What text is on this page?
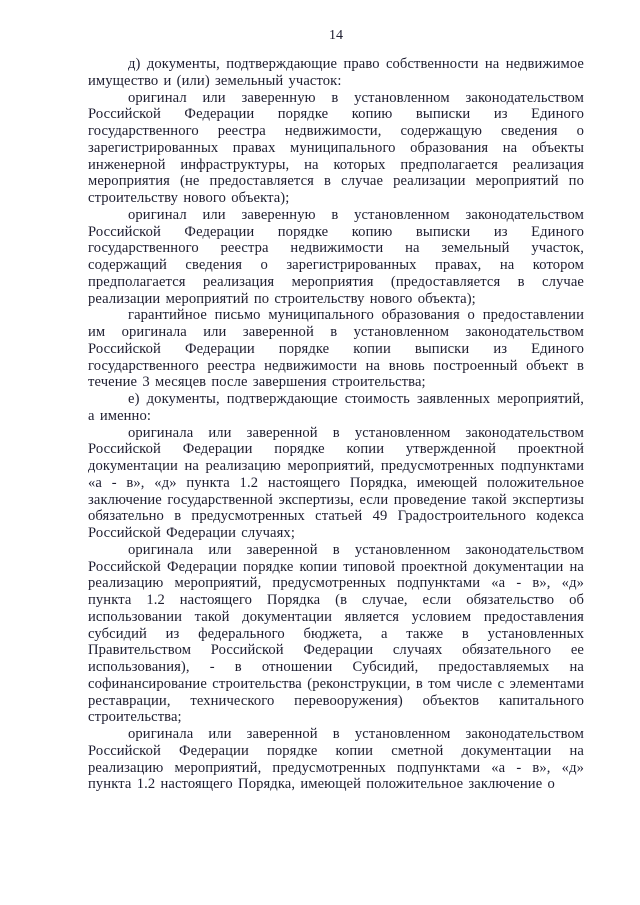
14

д) документы, подтверждающие право собственности на недвижимое имущество и (или) земельный участок:

оригинал или заверенную в установленном законодательством Российской Федерации порядке копию выписки из Единого государственного реестра недвижимости, содержащую сведения о зарегистрированных правах муниципального образования на объекты инженерной инфраструктуры, на которых предполагается реализация мероприятия (не предоставляется в случае реализации мероприятий по строительству нового объекта);

оригинал или заверенную в установленном законодательством Российской Федерации порядке копию выписки из Единого государственного реестра недвижимости на земельный участок, содержащий сведения о зарегистрированных правах, на котором предполагается реализация мероприятия (предоставляется в случае реализации мероприятий по строительству нового объекта);

гарантийное письмо муниципального образования о предоставлении им оригинала или заверенной в установленном законодательством Российской Федерации порядке копии выписки из Единого государственного реестра недвижимости на вновь построенный объект в течение 3 месяцев после завершения строительства;

е) документы, подтверждающие стоимость заявленных мероприятий, а именно:

оригинала или заверенной в установленном законодательством Российской Федерации порядке копии утвержденной проектной документации на реализацию мероприятий, предусмотренных подпунктами «а - в», «д» пункта 1.2 настоящего Порядка, имеющей положительное заключение государственной экспертизы, если проведение такой экспертизы обязательно в предусмотренных статьей 49 Градостроительного кодекса Российской Федерации случаях;

оригинала или заверенной в установленном законодательством Российской Федерации порядке копии типовой проектной документации на реализацию мероприятий, предусмотренных подпунктами «а - в», «д» пункта 1.2 настоящего Порядка (в случае, если обязательство об использовании такой документации является условием предоставления субсидий из федерального бюджета, а также в установленных Правительством Российской Федерации случаях обязательного ее использования), - в отношении Субсидий, предоставляемых на софинансирование строительства (реконструкции, в том числе с элементами реставрации, технического перевооружения) объектов капитального строительства;

оригинала или заверенной в установленном законодательством Российской Федерации порядке копии сметной документации на реализацию мероприятий, предусмотренных подпунктами «а - в», «д» пункта 1.2 настоящего Порядка, имеющей положительное заключение о
